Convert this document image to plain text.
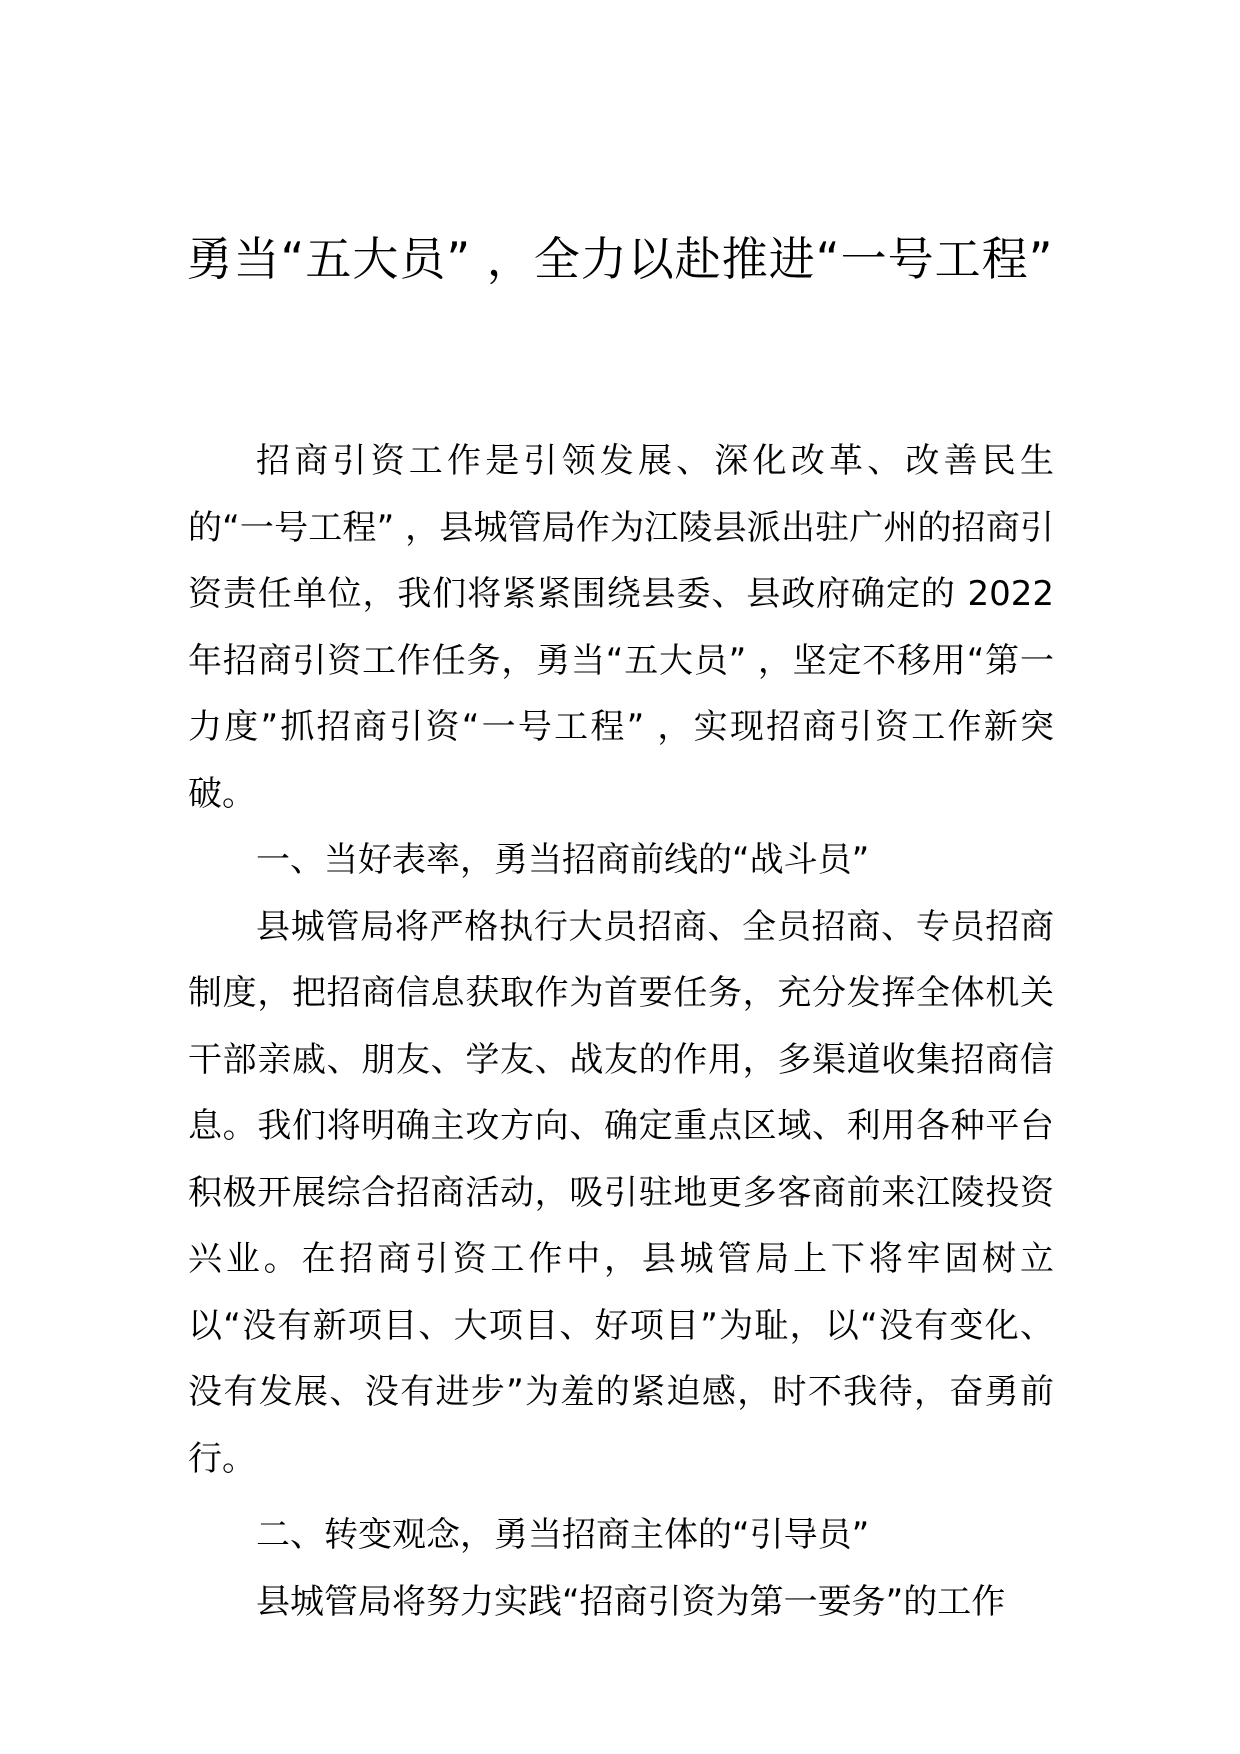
勇当“五大员” ，全力以赴推进“一号工程”

招商引资工作是引领发展、深化改革、改善民生的“一号工程” ，县城管局作为江陵县派出驻广州的招商引资责任单位，我们将紧紧围绕县委、县政府确定的 2022 年招商引资工作任务，勇当“五大员” ，坚定不移用“第一力度”抓招商引资“一号工程” ，实现招商引资工作新突破。

一、当好表率，勇当招商前线的“战斗员”

县城管局将严格执行大员招商、全员招商、专员招商制度，把招商信息获取作为首要任务，充分发挥全体机关干部亲戚、朋友、学友、战友的作用，多渠道收集招商信息。我们将明确主攻方向、确定重点区域、利用各种平台积极开展综合招商活动，吸引驻地更多客商前来江陵投资兴业。在招商引资工作中，县城管局上下将牢固树立以“没有新项目、大项目、好项目”为耻，以“没有变化、没有发展、没有进步”为羞的紧迫感，时不我待，奋勇前行。

二、转变观念，勇当招商主体的“引导员”

县城管局将努力实践“招商引资为第一要务”的工作
